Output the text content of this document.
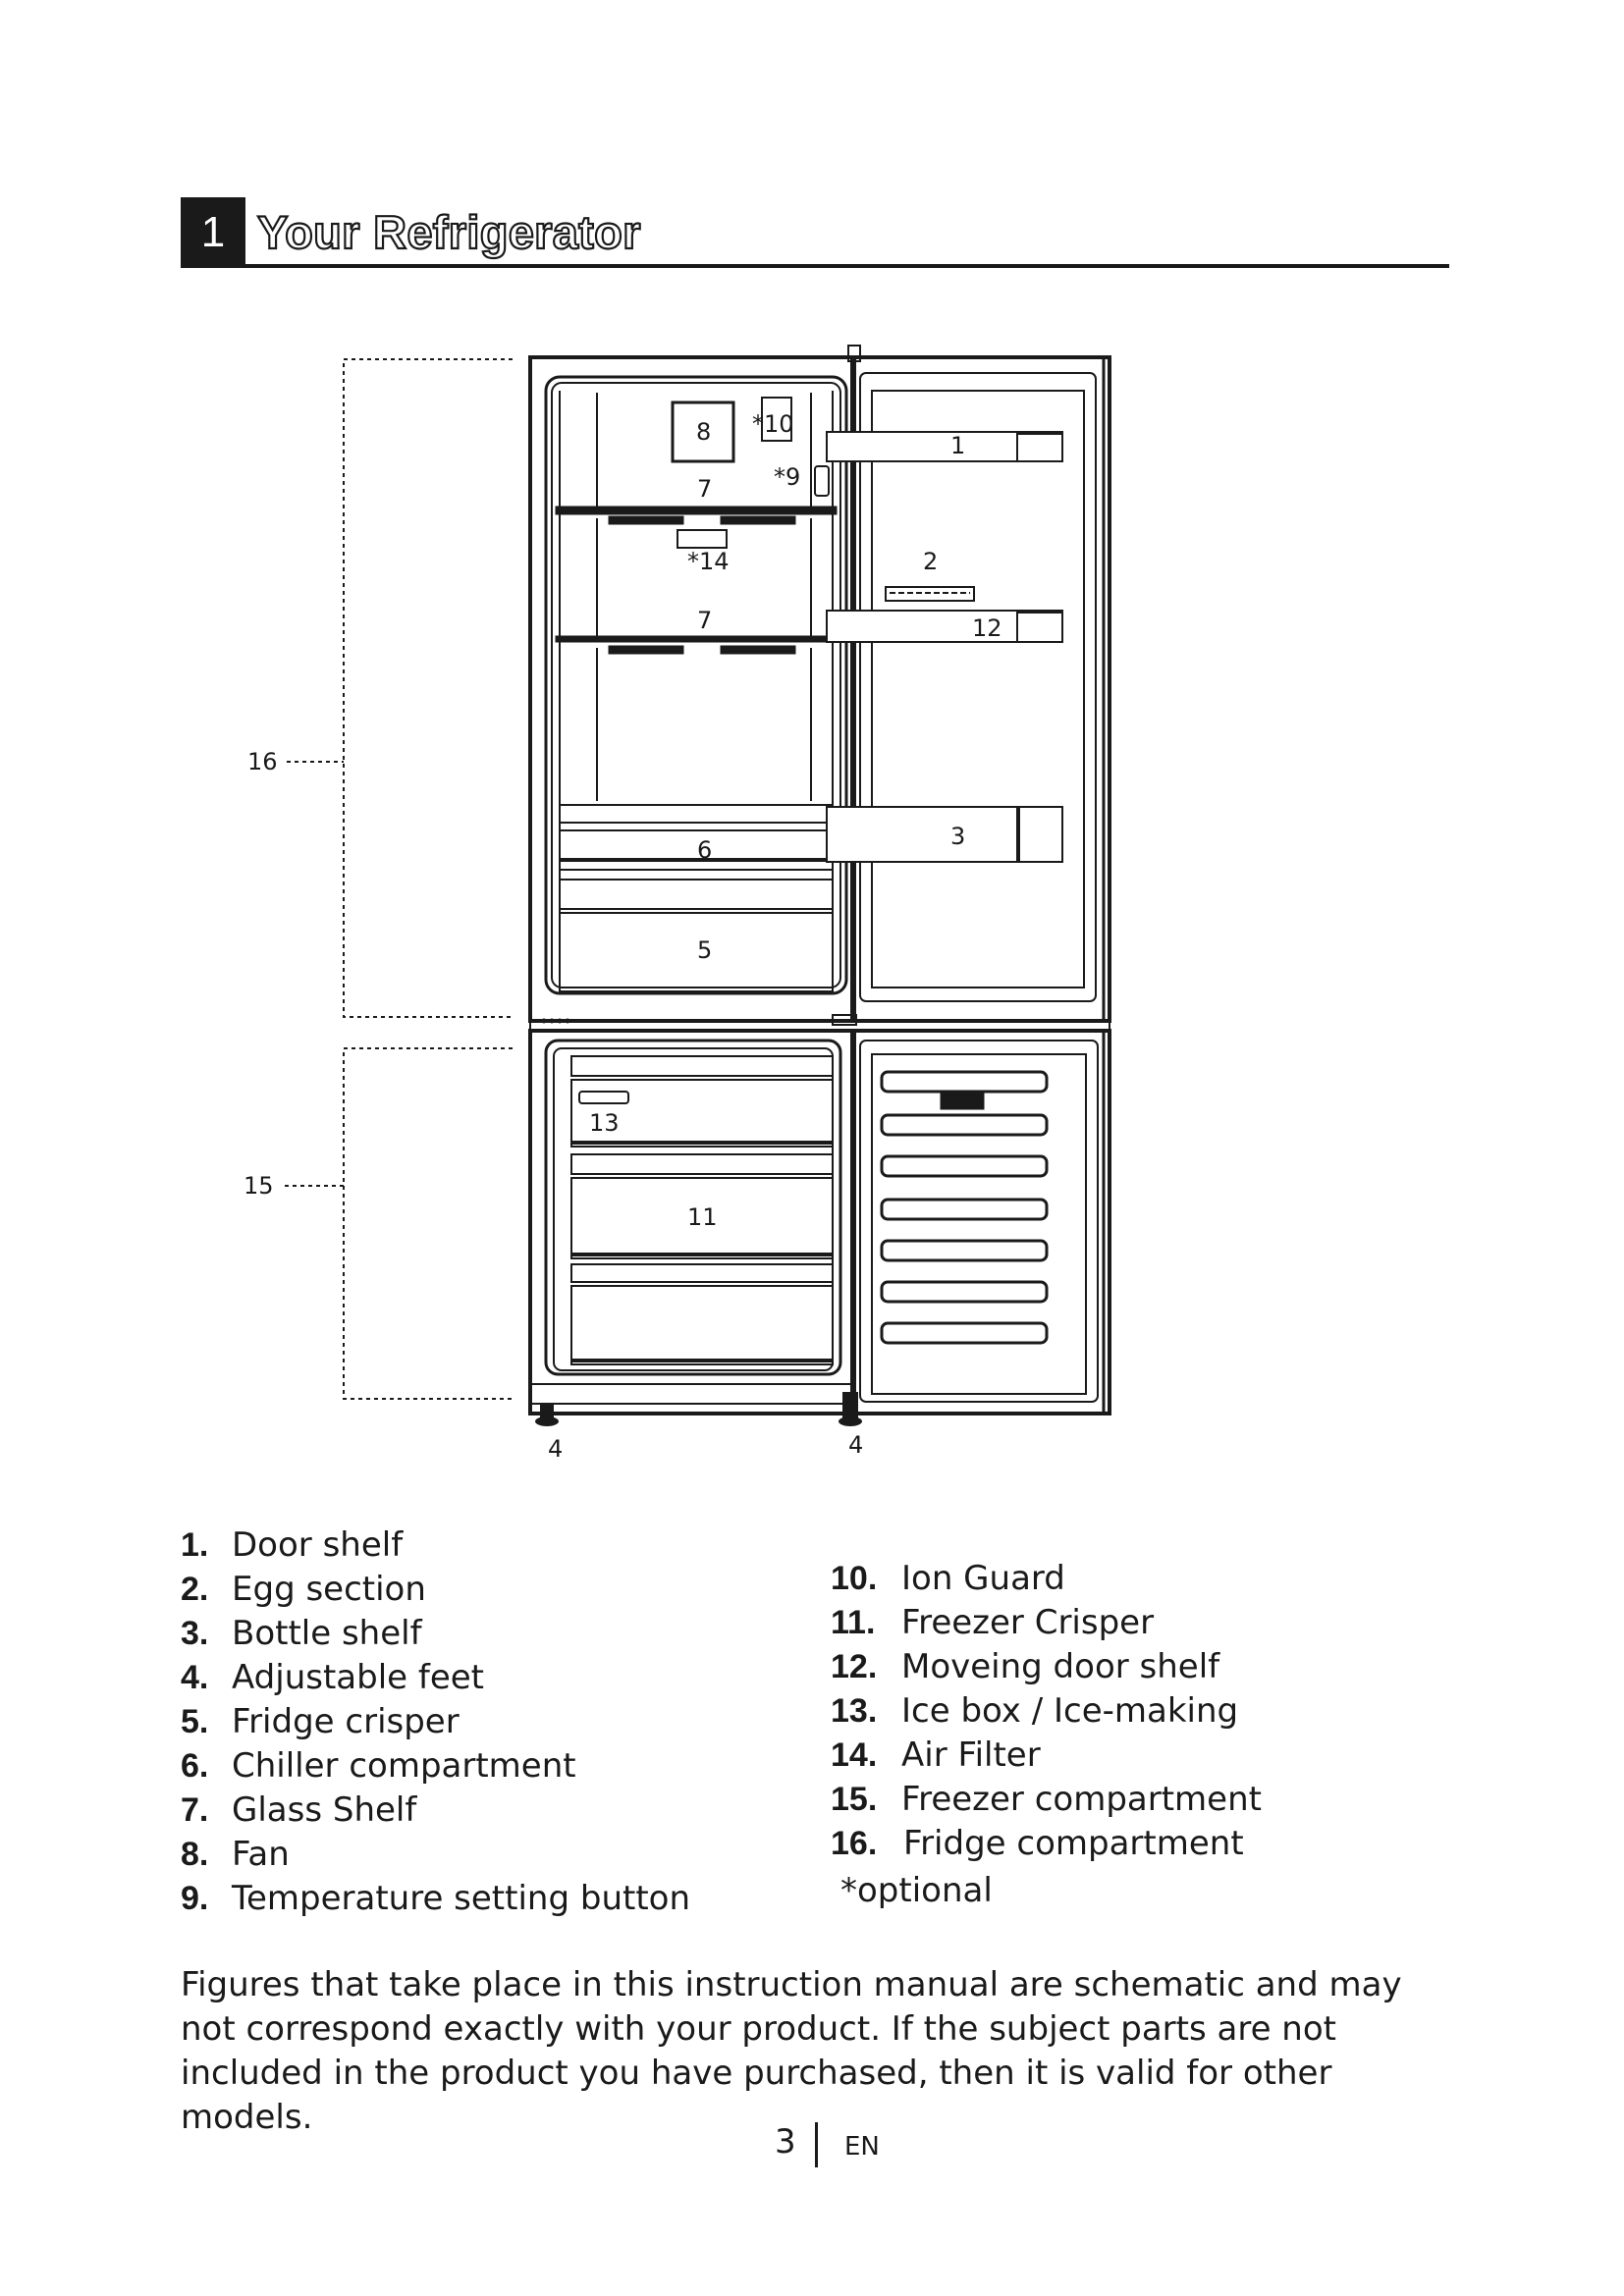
1 Your Refrigerator
8 *10
7	*9
1
*14	2
7	12
16
6	3
5
13
15
11
4	4
1. Door shelf
2. Egg section
3. Bottle shelf
4. Adjustable feet
5. Fridge crisper
6. Chiller compartment
7. Glass Shelf
8. Fan
9. Temperature setting button
10. Ion Guard
11. Freezer Crisper
12. Moveing door shelf
13. Ice box / Ice-making
14. Air Filter
15. Freezer compartment
16. Fridge compartment
*optional
Figures that take place in this instruction manual are schematic and may not correspond exactly with your product. If the subject parts are not included in the product you have purchased, then it is valid for other models.
3 EN
